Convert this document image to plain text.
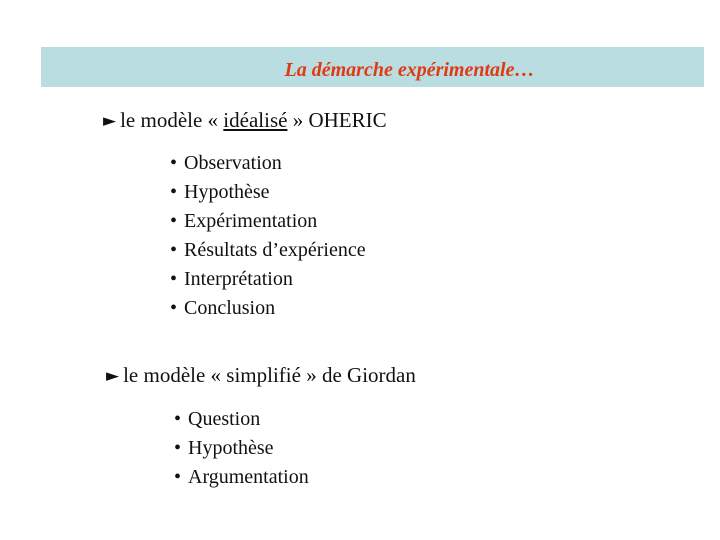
La démarche expérimentale…
► le modèle « idéalisé » OHERIC
• Observation
• Hypothèse
• Expérimentation
• Résultats d’expérience
• Interprétation
• Conclusion
► le modèle « simplifié » de Giordan
• Question
• Hypothèse
• Argumentation
